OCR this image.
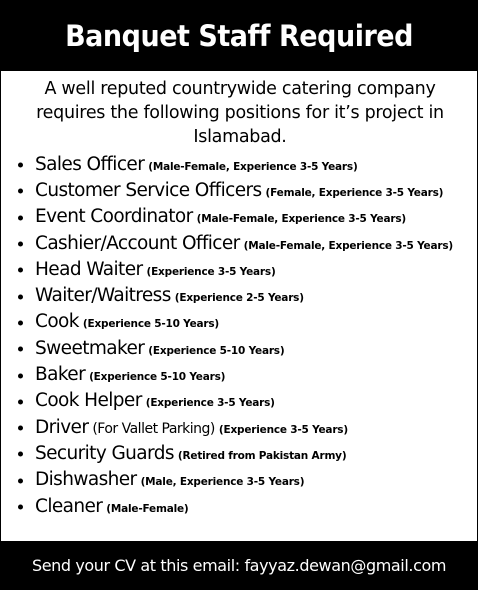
Banquet Staff Required

A well reputed countrywide catering company

requires the following positions for it’s project in

Islamabad.

Sales Officer (Male-Female, Experience 3-5 Years)
Customer Service Officers (Female, Experience 3-5 Years)
Event Coordinator (Male-Female, Experience 3-5 Years)
Cashier/Account Officer (Male-Female, Experience 3-5 Years)
Head Waiter (Experience 3-5 Years)
Waiter/Waitress (Experience 2-5 Years)
Cook (Experience 5-10 Years)
Sweetmaker (Experience 5-10 Years)
Baker (Experience 5-10 Years)
Cook Helper (Experience 3-5 Years)
Driver (For Vallet Parking) (Experience 3-5 Years)
Security Guards (Retired from Pakistan Army)
Dishwasher (Male, Experience 3-5 Years)
Cleaner (Male-Female)
Send your CV at this email: fayyaz.dewan@gmail.com
